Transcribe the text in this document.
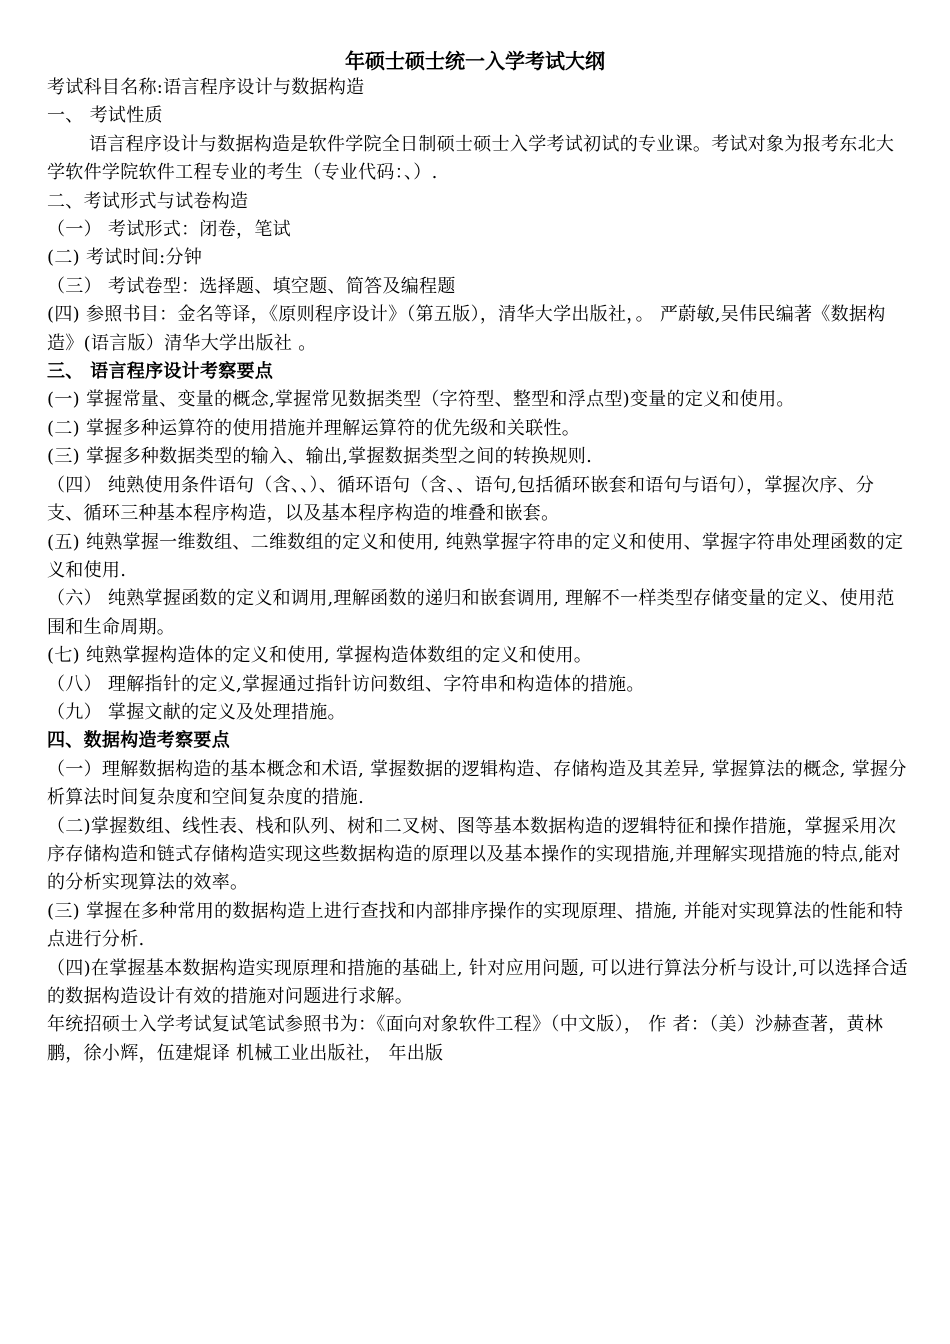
年硕士硕士统一入学考试大纲

考试科目名称:语言程序设计与数据构造

一、 考试性质

语言程序设计与数据构造是软件学院全日制硕士硕士入学考试初试的专业课。考试对象为报考东北大学软件学院软件工程专业的考生（专业代码：、）.

二、考试形式与试卷构造

（一） 考试形式：闭卷，笔试

(二) 考试时间:分钟

（三） 考试卷型：选择题、填空题、简答及编程题

(四) 参照书目：金名等译，《原则程序设计》（第五版），清华大学出版社，。 严蔚敏,吴伟民编著《数据构造》(语言版）清华大学出版社 。

三、 语言程序设计考察要点

(一) 掌握常量、变量的概念,掌握常见数据类型（字符型、整型和浮点型)变量的定义和使用。

(二) 掌握多种运算符的使用措施并理解运算符的优先级和关联性。

(三) 掌握多种数据类型的输入、输出,掌握数据类型之间的转换规则.

（四） 纯熟使用条件语句（含、、）、循环语句（含、、语句,包括循环嵌套和语句与语句），掌握次序、分支、循环三种基本程序构造，以及基本程序构造的堆叠和嵌套。

(五) 纯熟掌握一维数组、二维数组的定义和使用, 纯熟掌握字符串的定义和使用、掌握字符串处理函数的定义和使用.

（六） 纯熟掌握函数的定义和调用,理解函数的递归和嵌套调用, 理解不一样类型存储变量的定义、使用范围和生命周期。

(七) 纯熟掌握构造体的定义和使用, 掌握构造体数组的定义和使用。

（八） 理解指针的定义,掌握通过指针访问数组、字符串和构造体的措施。

（九） 掌握文献的定义及处理措施。

四、数据构造考察要点

（一）理解数据构造的基本概念和术语, 掌握数据的逻辑构造、存储构造及其差异, 掌握算法的概念, 掌握分析算法时间复杂度和空间复杂度的措施.

（二)掌握数组、线性表、栈和队列、树和二叉树、图等基本数据构造的逻辑特征和操作措施，掌握采用次序存储构造和链式存储构造实现这些数据构造的原理以及基本操作的实现措施,并理解实现措施的特点,能对的分析实现算法的效率。

(三) 掌握在多种常用的数据构造上进行查找和内部排序操作的实现原理、措施, 并能对实现算法的性能和特点进行分析.

（四)在掌握基本数据构造实现原理和措施的基础上, 针对应用问题, 可以进行算法分析与设计,可以选择合适的数据构造设计有效的措施对问题进行求解。

年统招硕士入学考试复试笔试参照书为：《面向对象软件工程》（中文版）， 作 者：（美）沙赫查著，黄林鹏，徐小辉，伍建焜译 机械工业出版社， 年出版
